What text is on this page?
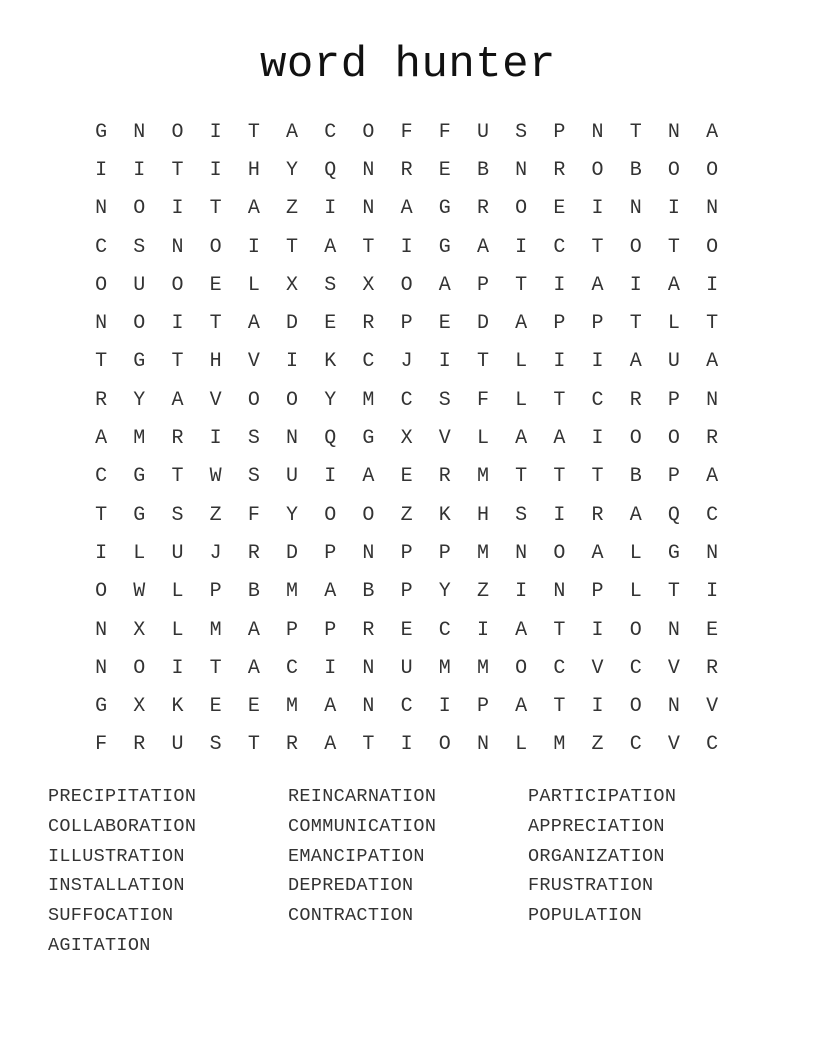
word hunter
G	N	O	I	T	A	C	O	F	F	U	S	P	N	T	N	A
I	I	T	I	H	Y	Q	N	R	E	B	N	R	O	B	O	O
N	O	I	T	A	Z	I	N	A	G	R	O	E	I	N	I	N
C	S	N	O	I	T	A	T	I	G	A	I	C	T	O	T	O
O	U	O	E	L	X	S	X	O	A	P	T	I	A	I	A	I
N	O	I	T	A	D	E	R	P	E	D	A	P	P	T	L	T
T	G	T	H	V	I	K	C	J	I	T	L	I	I	A	U	A
R	Y	A	V	O	O	Y	M	C	S	F	L	T	C	R	P	N
A	M	R	I	S	N	Q	G	X	V	L	A	A	I	O	O	R
C	G	T	W	S	U	I	A	E	R	M	T	T	T	B	P	A
T	G	S	Z	F	Y	O	O	Z	K	H	S	I	R	A	Q	C
I	L	U	J	R	D	P	N	P	P	M	N	O	A	L	G	N
O	W	L	P	B	M	A	B	P	Y	Z	I	N	P	L	T	I
N	X	L	M	A	P	P	R	E	C	I	A	T	I	O	N	E
N	O	I	T	A	C	I	N	U	M	M	O	C	V	C	V	R
G	X	K	E	E	M	A	N	C	I	P	A	T	I	O	N	V
F	R	U	S	T	R	A	T	I	O	N	L	M	Z	C	V	C
PRECIPITATION	REINCARNATION	PARTICIPATION
COLLABORATION	COMMUNICATION	APPRECIATION
ILLUSTRATION	EMANCIPATION	ORGANIZATION
INSTALLATION	DEPREDATION	FRUSTRATION
SUFFOCATION	CONTRACTION	POPULATION
AGITATION
